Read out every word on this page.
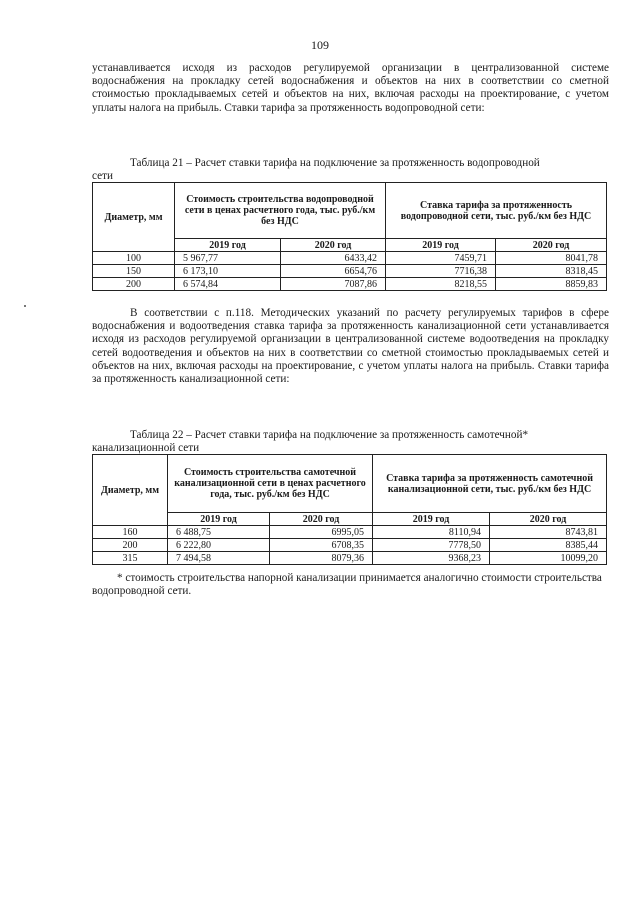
109

устанавливается исходя из расходов регулируемой организации в централизованной системе водоснабжения на прокладку сетей водоснабжения и объектов на них в соответствии со сметной стоимостью прокладываемых сетей и объектов на них, включая расходы на проектирование, с учетом уплаты налога на прибыль. Ставки тарифа за протяженность водопроводной сети:

Таблица 21 – Расчет ставки тарифа на подключение за протяженность водопроводной
сети
Диаметр, мм	Стоимость строительства водопроводной сети в ценах расчетного года, тыс. руб./км без НДС		Ставка тарифа за протяженность водопроводной сети, тыс. руб./км без НДС	
	2019 год	2020 год	2019 год	2020 год
100	5 967,77	6433,42	7459,71	8041,78
150	6 173,10	6654,76	7716,38	8318,45
200	6 574,84	7087,86	8218,55	8859,83

В соответствии с п.118. Методических указаний по расчету регулируемых тарифов в сфере водоснабжения и водоотведения ставка тарифа за протяженность канализационной сети устанавливается исходя из расходов регулируемой организации в централизованной системе водоотведения на прокладку сетей водоотведения и объектов на них в соответствии со сметной стоимостью прокладываемых сетей и объектов на них, включая расходы на проектирование, с учетом уплаты налога на прибыль. Ставки тарифа за протяженность канализационной сети:

Таблица 22 – Расчет ставки тарифа на подключение за протяженность самотечной*
канализационной сети
Диаметр, мм	Стоимость строительства самотечной канализационной сети в ценах расчетного года, тыс. руб./км без НДС		Ставка тарифа за протяженность самотечной канализационной сети, тыс. руб./км без НДС	
	2019 год	2020 год	2019 год	2020 год
160	6 488,75	6995,05	8110,94	8743,81
200	6 222,80	6708,35	7778,50	8385,44
315	7 494,58	8079,36	9368,23	10099,20

* стоимость строительства напорной канализации принимается аналогично стоимости строительства водопроводной сети.
